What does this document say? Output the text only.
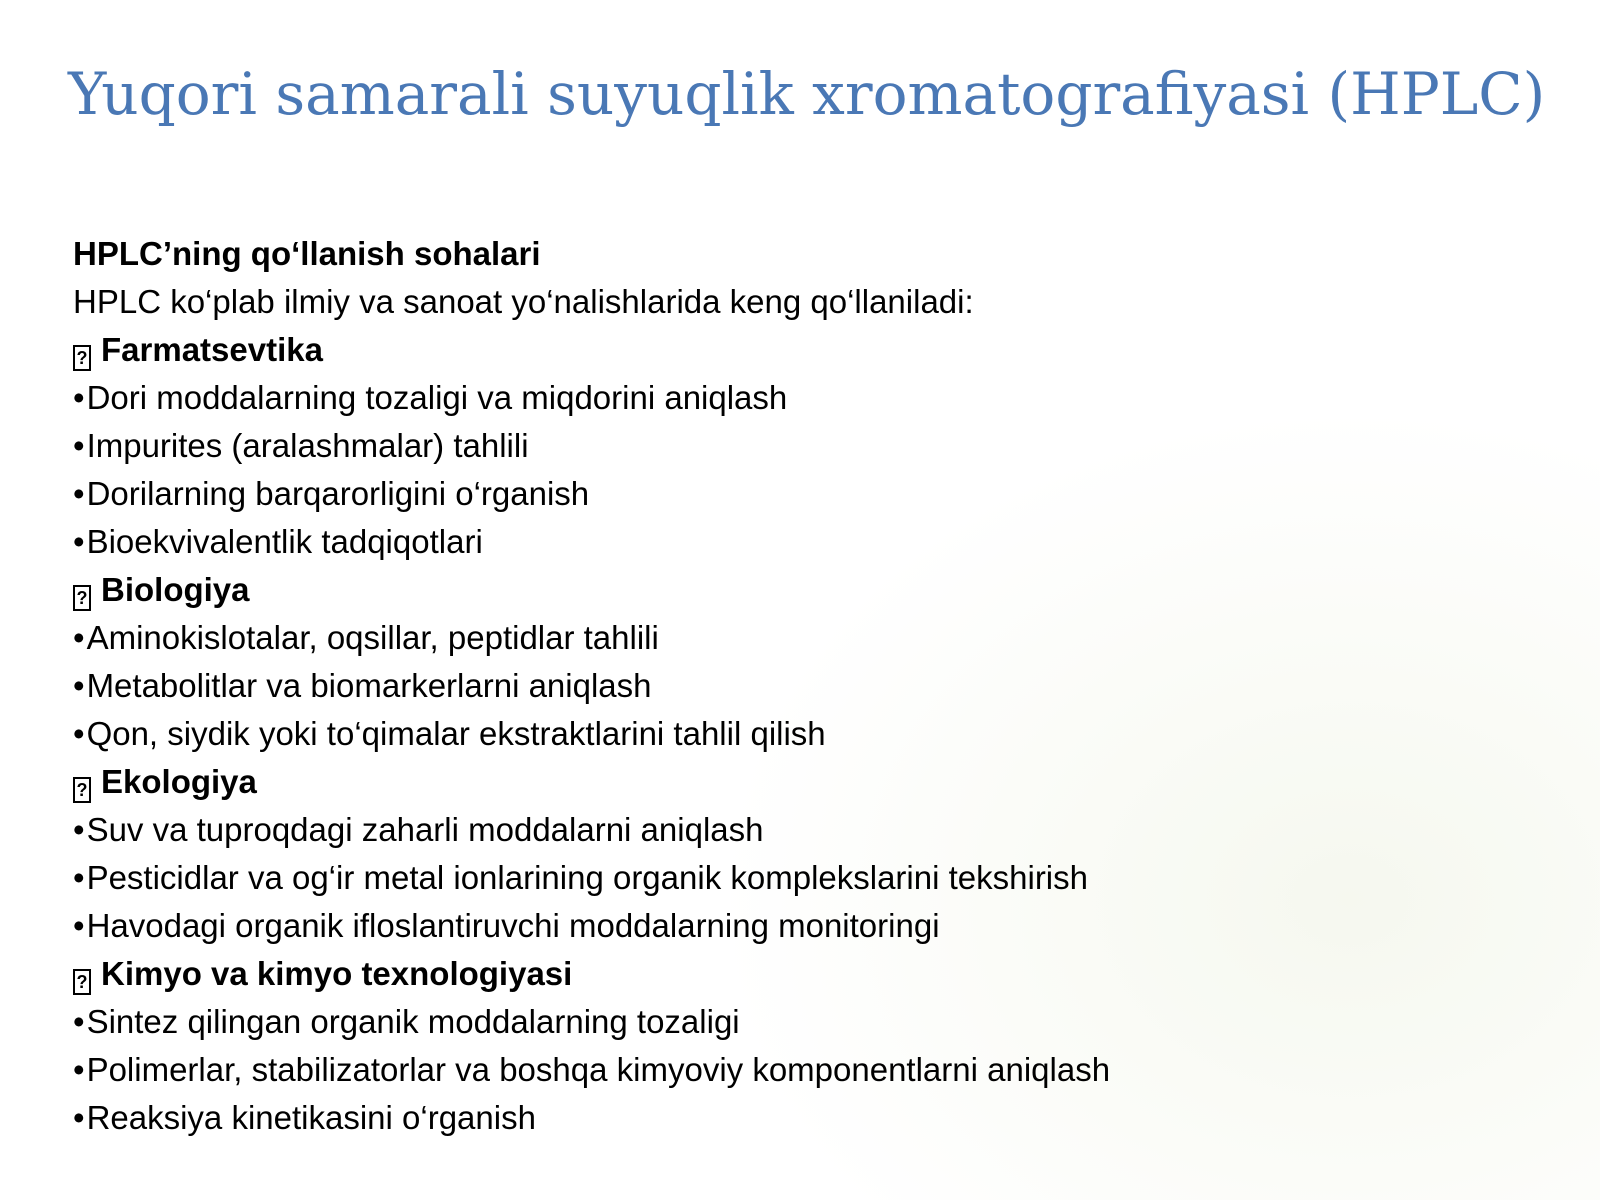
Yuqori samarali suyuqlik xromatografiyasi (HPLC)
HPLC’ning qo‘llanish sohalari
HPLC ko‘plab ilmiy va sanoat yo‘nalishlarida keng qo‘llaniladi:
? Farmatsevtika
•Dori moddalarning tozaligi va miqdorini aniqlash
•Impurites (aralashmalar) tahlili
•Dorilarning barqarorligini o‘rganish
•Bioekvivalentlik tadqiqotlari
? Biologiya
•Aminokislotalar, oqsillar, peptidlar tahlili
•Metabolitlar va biomarkerlarni aniqlash
•Qon, siydik yoki to‘qimalar ekstraktlarini tahlil qilish
? Ekologiya
•Suv va tuproqdagi zaharli moddalarni aniqlash
•Pesticidlar va og‘ir metal ionlarining organik komplekslarini tekshirish
•Havodagi organik ifloslantiruvchi moddalarning monitoringi
? Kimyo va kimyo texnologiyasi
•Sintez qilingan organik moddalarning tozaligi
•Polimerlar, stabilizatorlar va boshqa kimyoviy komponentlarni aniqlash
•Reaksiya kinetikasini o‘rganish
